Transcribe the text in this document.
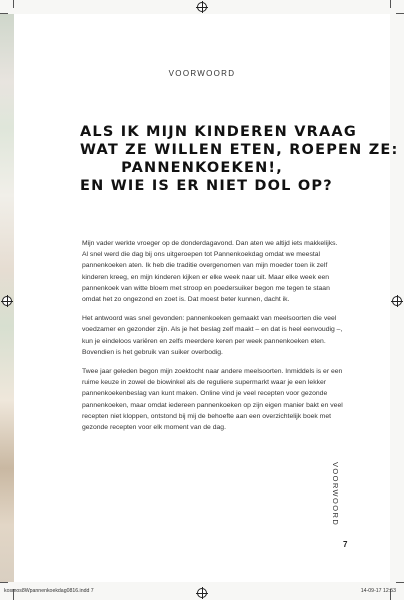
VOORWOORD
ALS IK MIJN KINDEREN VRAAG
WAT ZE WILLEN ETEN, ROEPEN ZE:
PANNENKOEKEN!,
EN WIE IS ER NIET DOL OP?

Mijn vader werkte vroeger op de donderdagavond. Dan aten we altijd iets makkelijks. Al snel werd die dag bij ons uitgeroepen tot Pannenkoekdag omdat we meestal pannenkoeken aten. Ik heb die traditie overgenomen van mijn moeder toen ik zelf kinderen kreeg, en mijn kinderen kijken er elke week naar uit. Maar elke week een pannenkoek van witte bloem met stroop en poedersuiker begon me tegen te staan omdat het zo ongezond en zoet is. Dat moest beter kunnen, dacht ik.

Het antwoord was snel gevonden: pannenkoeken gemaakt van meelsoorten die veel voedzamer en gezonder zijn. Als je het beslag zelf maakt – en dat is heel eenvoudig –, kun je eindeloos variëren en zelfs meerdere keren per week pannenkoeken eten. Bovendien is het gebruik van suiker overbodig.

Twee jaar geleden begon mijn zoektocht naar andere meelsoorten. Inmiddels is er een ruime keuze in zowel de biowinkel als de reguliere supermarkt waar je een lekker pannenkoekenbeslag van kunt maken. Online vind je veel recepten voor gezonde pannenkoeken, maar omdat iedereen pannenkoeken op zijn eigen manier bakt en veel recepten niet kloppen, ontstond bij mij de behoefte aan een overzichtelijk boek met gezonde recepten voor elk moment van de dag.

VOORWOORD
7
kosmos8Wpannenkoekdag0816.indd 7	14-09-17 12:53
